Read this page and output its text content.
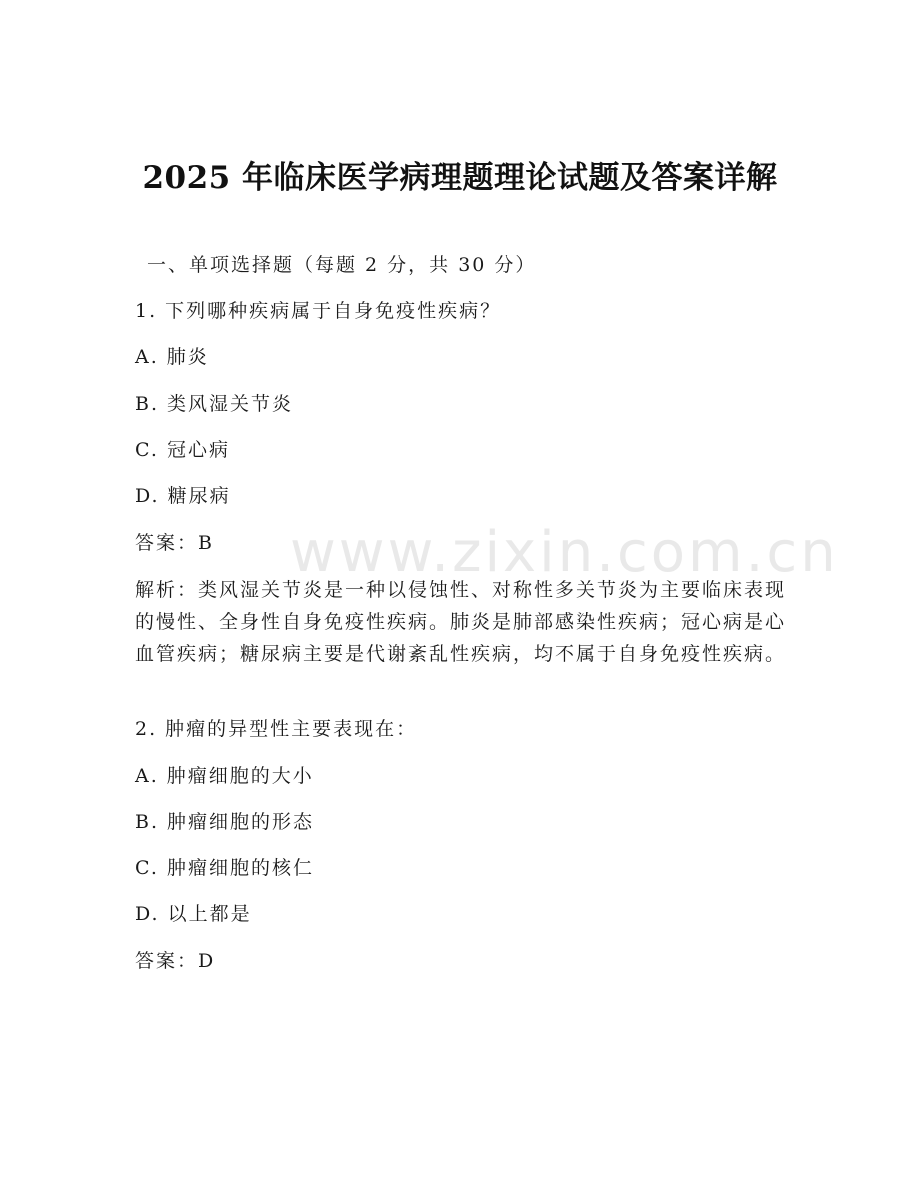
www.zixin.com.cn
2025 年临床医学病理题理论试题及答案详解
一、单项选择题（每题 2 分，共 30 分）
1. 下列哪种疾病属于自身免疫性疾病？
A. 肺炎
B. 类风湿关节炎
C. 冠心病
D. 糖尿病
答案：B
解析：类风湿关节炎是一种以侵蚀性、对称性多关节炎为主要临床表现的慢性、全身性自身免疫性疾病。肺炎是肺部感染性疾病；冠心病是心血管疾病；糖尿病主要是代谢紊乱性疾病，均不属于自身免疫性疾病。
2. 肿瘤的异型性主要表现在：
A. 肿瘤细胞的大小
B. 肿瘤细胞的形态
C. 肿瘤细胞的核仁
D. 以上都是
答案：D
